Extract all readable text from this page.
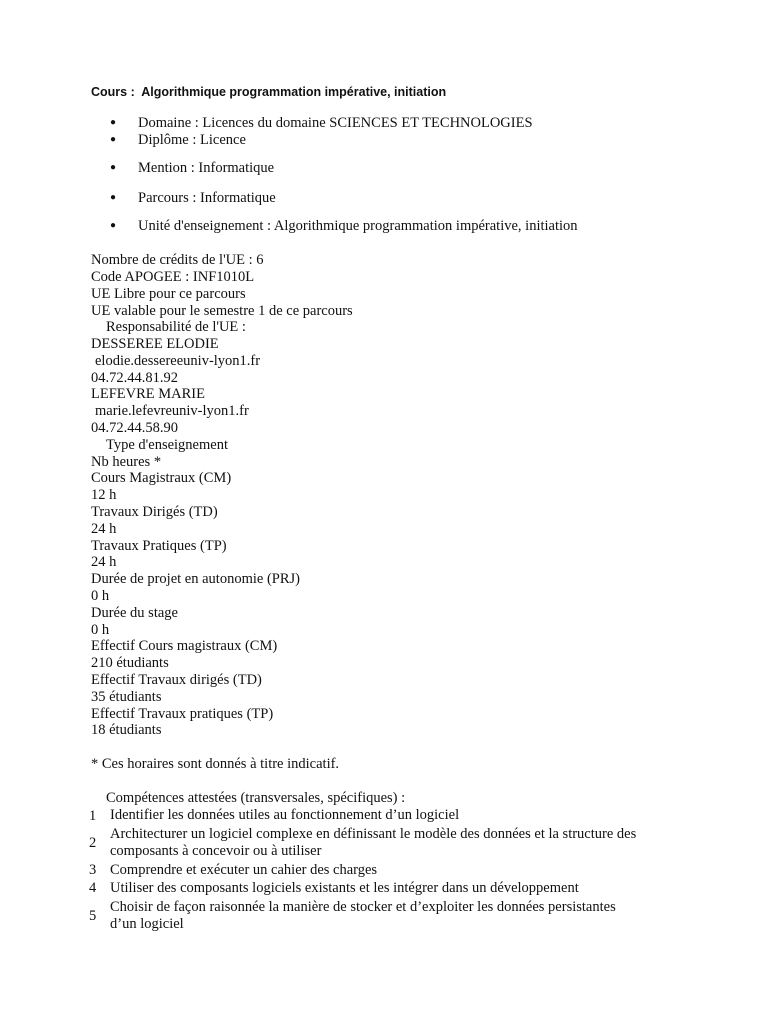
Cours : Algorithmique programmation impérative, initiation
● Domaine : Licences du domaine SCIENCES ET TECHNOLOGIES
● Diplôme : Licence
● Mention : Informatique
● Parcours : Informatique
● Unité d'enseignement : Algorithmique programmation impérative, initiation
Nombre de crédits de l'UE : 6
Code APOGEE : INF1010L
UE Libre pour ce parcours
UE valable pour le semestre 1 de ce parcours
Responsabilité de l'UE :
DESSEREE ELODIE
elodie.dessereeuniv-lyon1.fr
04.72.44.81.92
LEFEVRE MARIE
marie.lefevreuniv-lyon1.fr
04.72.44.58.90
Type d'enseignement
Nb heures *
Cours Magistraux (CM)
12 h
Travaux Dirigés (TD)
24 h
Travaux Pratiques (TP)
24 h
Durée de projet en autonomie (PRJ)
0 h
Durée du stage
0 h
Effectif Cours magistraux (CM)
210 étudiants
Effectif Travaux dirigés (TD)
35 étudiants
Effectif Travaux pratiques (TP)
18 étudiants
* Ces horaires sont donnés à titre indicatif.
Compétences attestées (transversales, spécifiques) :
1 Identifier les données utiles au fonctionnement d’un logiciel
2
Architecturer un logiciel complexe en définissant le modèle des données et la structure des
composants à concevoir ou à utiliser
3 Comprendre et exécuter un cahier des charges
4 Utiliser des composants logiciels existants et les intégrer dans un développement
5
Choisir de façon raisonnée la manière de stocker et d’exploiter les données persistantes
d’un logiciel
